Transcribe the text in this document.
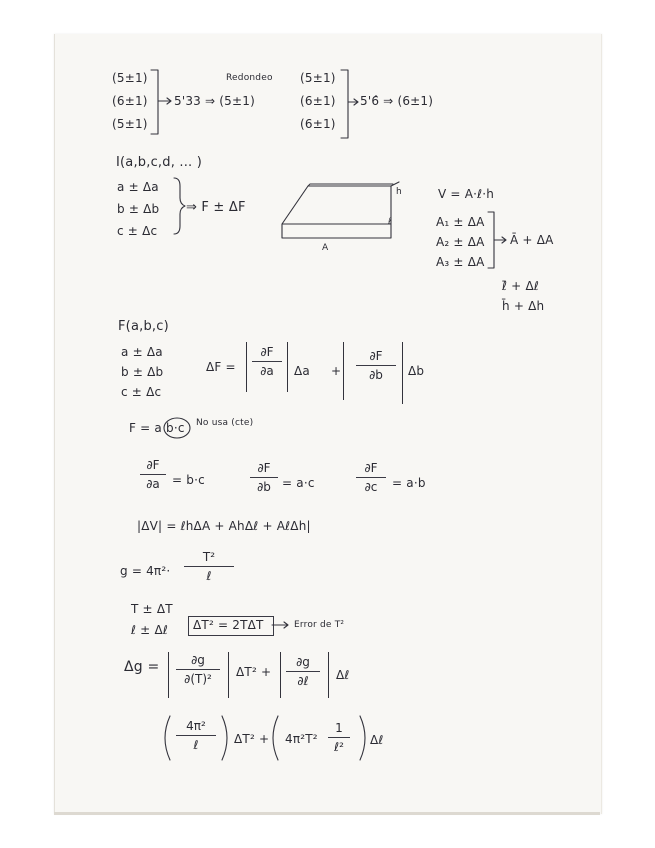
(5±1)
(6±1)
(5±1)
5'33 ⇒ (5±1)
Redondeo (5±1)
(6±1)
(6±1)
5'6̂ ⇒ (6±1)
I(a,b,c,d, ... )
a ± Δa
b ± Δb
c ± Δc
⇒ F ± ΔF
h
ℓ
A
V = A·ℓ·h
A₁ ± ΔA
A₂ ± ΔA
A₃ ± ΔA
Ā + ΔA
ℓ̄ + Δℓ
h̄ + Δh
F(a,b,c)
a ± Δa
b ± Δb
c ± Δc
ΔF =
∂F
∂a	Δa +
∂F
∂b	Δb
F = a b·c No usa (cte)
∂F
∂a	= b·c
∂F
∂b = a·c
∂F
∂c	= a·b
|ΔV| = ℓhΔA + AhΔℓ + AℓΔh|
g = 4π²·
T²
ℓ
T ± ΔT
ℓ ± Δℓ ΔT² = 2TΔT	Error de T²
Δg =	∂g
∂(T)²	ΔT² +
∂g
∂ℓ	Δℓ
4π²
ℓ	ΔT² + 4π²T²
1
ℓ²	Δℓ
